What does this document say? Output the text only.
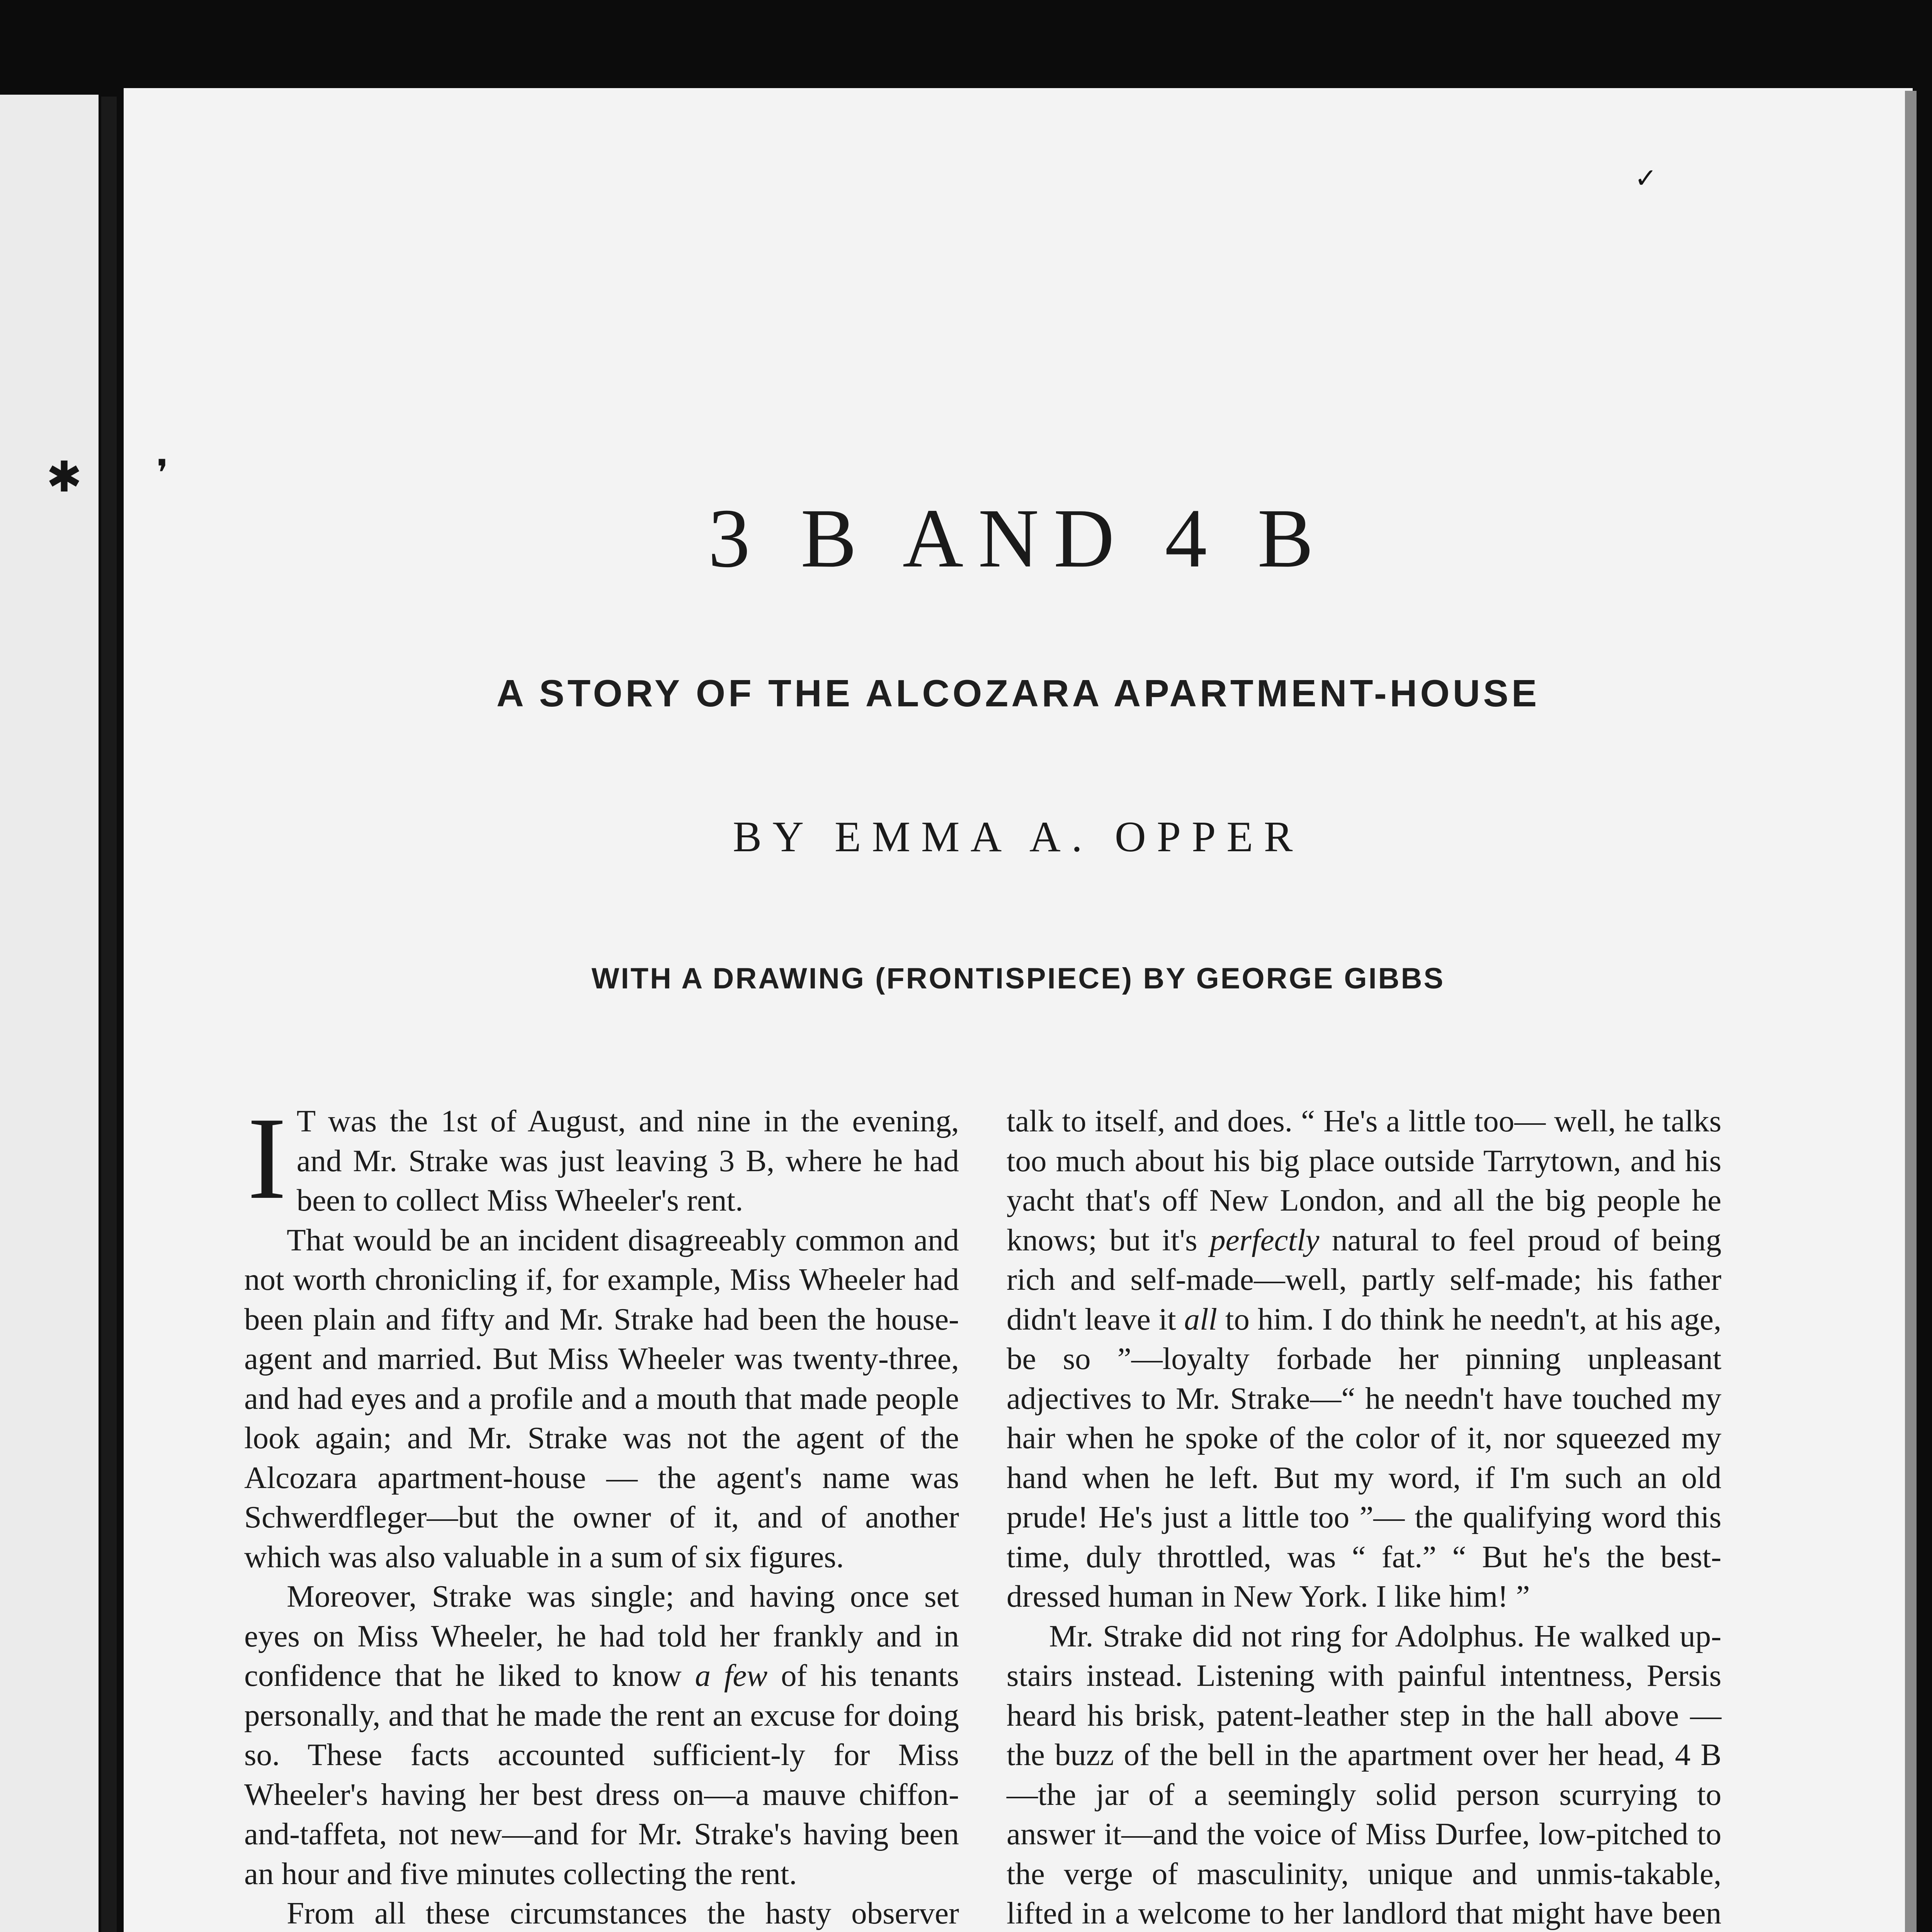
✱ ❜
✓
3 B AND 4 B
A STORY OF THE ALCOZARA APARTMENT-HOUSE
BY EMMA A. OPPER
WITH A DRAWING (FRONTISPIECE) BY GEORGE GIBBS

I T was the 1st of August, and nine in the evening, and Mr. Strake was just leaving 3 B, where he had been to collect Miss Wheeler's rent.

That would be an incident disagreeably common and not worth chronicling if, for example, Miss Wheeler had been plain and fifty and Mr. Strake had been the house-agent and married. But Miss Wheeler was twenty-three, and had eyes and a profile and a mouth that made people look again; and Mr. Strake was not the agent of the Alcozara apartment-house — the agent's name was Schwerdfleger—but the owner of it, and of another which was also valuable in a sum of six figures.

Moreover, Strake was single; and having once set eyes on Miss Wheeler, he had told her frankly and in confidence that he liked to know a few of his tenants personally, and that he made the rent an excuse for doing so. These facts accounted sufficient-ly for Miss Wheeler's having her best dress on—a mauve chiffon-and-taffeta, not new—and for Mr. Strake's having been an hour and five minutes collecting the rent.

From all these circumstances the hasty observer

talk to itself, and does. “ He's a little too— well, he talks too much about his big place outside Tarrytown, and his yacht that's off New London, and all the big people he knows; but it's perfectly natural to feel proud of being rich and self-made—well, partly self-made; his father didn't leave it all to him. I do think he needn't, at his age, be so ”—loyalty forbade her pinning unpleasant adjectives to Mr. Strake—“ he needn't have touched my hair when he spoke of the color of it, nor squeezed my hand when he left. But my word, if I'm such an old prude! He's just a little too ”— the qualifying word this time, duly throttled, was “ fat.” “ But he's the best-dressed human in New York. I like him! ”

Mr. Strake did not ring for Adolphus. He walked up-stairs instead. Listening with painful intentness, Persis heard his brisk, patent-leather step in the hall above —the buzz of the bell in the apartment over her head, 4 B—the jar of a seemingly solid person scurrying to answer it—and the voice of Miss Durfee, low-pitched to the verge of masculinity, unique and unmis-takable, lifted in a welcome to her landlord that might have been
